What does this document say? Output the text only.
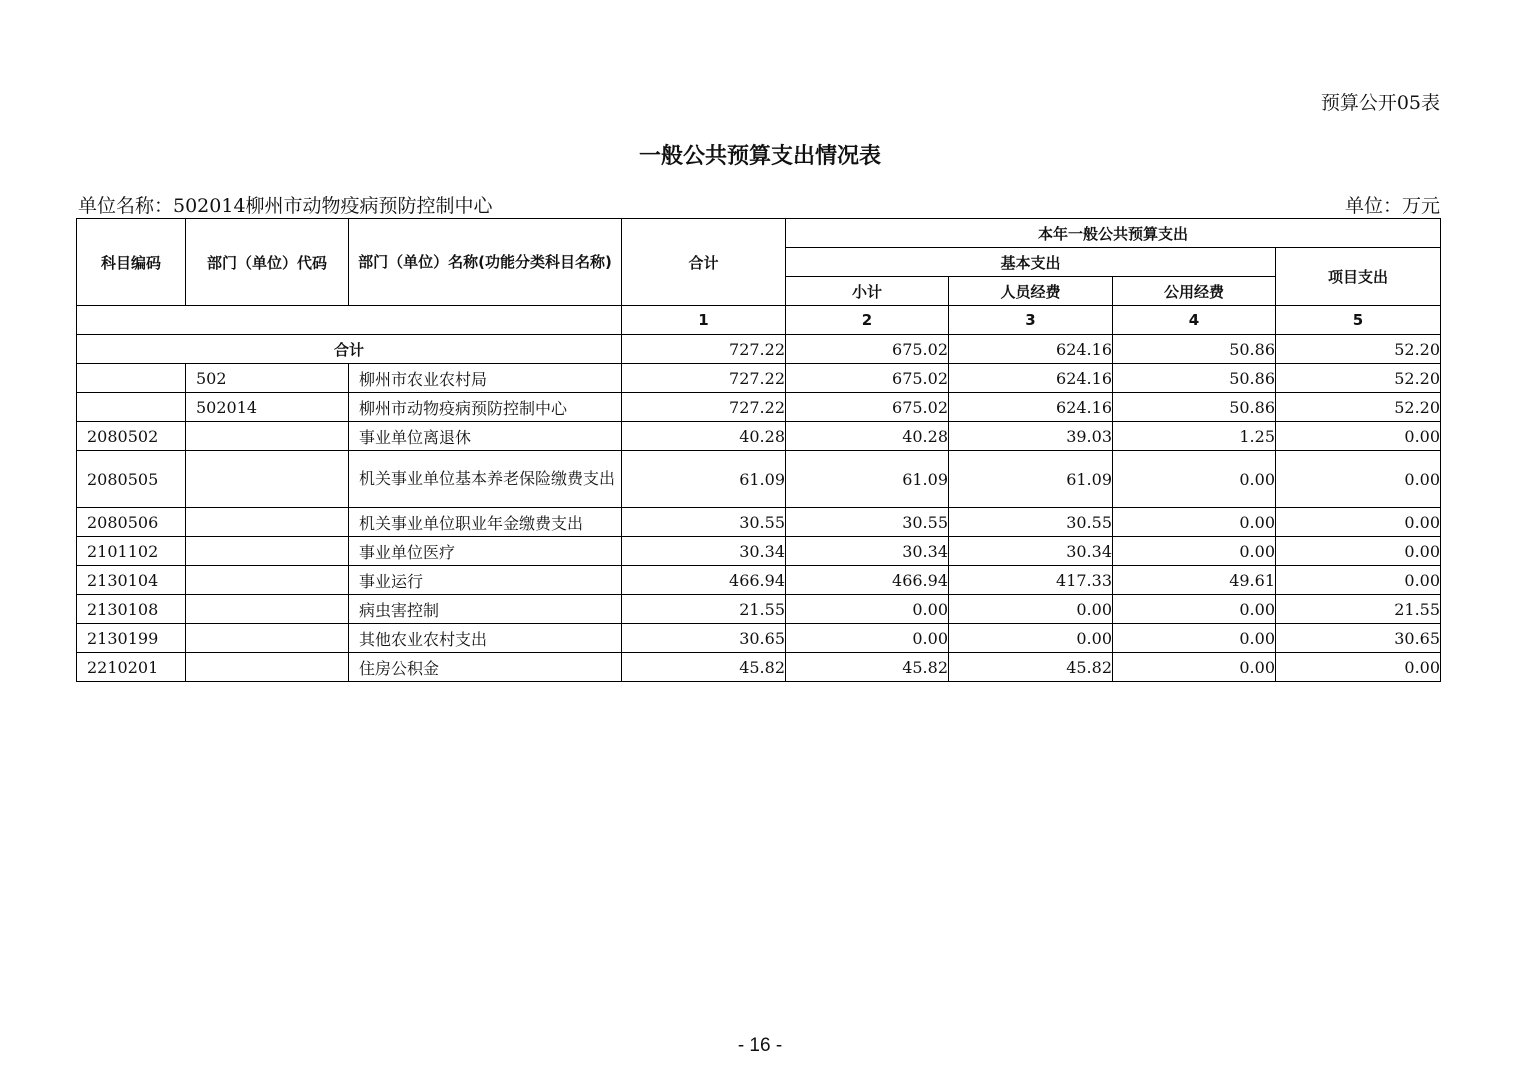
预算公开05表
一般公共预算支出情况表
单位名称：502014柳州市动物疫病预防控制中心	单位：万元
科目编码	部门（单位）代码	部门（单位）名称(功能分类科目名称)	合计	本年一般公共预算支出			
				基本支出			项目支出
				小计	人员经费	公用经费	
			1	2	3	4	5
合计			727.22	675.02	624.16	50.86	52.20
	502	柳州市农业农村局	727.22	675.02	624.16	50.86	52.20
	502014	柳州市动物疫病预防控制中心	727.22	675.02	624.16	50.86	52.20
2080502		事业单位离退休	40.28	40.28	39.03	1.25	0.00
2080505		机关事业单位基本养老保险缴费支出	61.09	61.09	61.09	0.00	0.00
2080506		机关事业单位职业年金缴费支出	30.55	30.55	30.55	0.00	0.00
2101102		事业单位医疗	30.34	30.34	30.34	0.00	0.00
2130104		事业运行	466.94	466.94	417.33	49.61	0.00
2130108		病虫害控制	21.55	0.00	0.00	0.00	21.55
2130199		其他农业农村支出	30.65	0.00	0.00	0.00	30.65
2210201		住房公积金	45.82	45.82	45.82	0.00	0.00
- 16 -
